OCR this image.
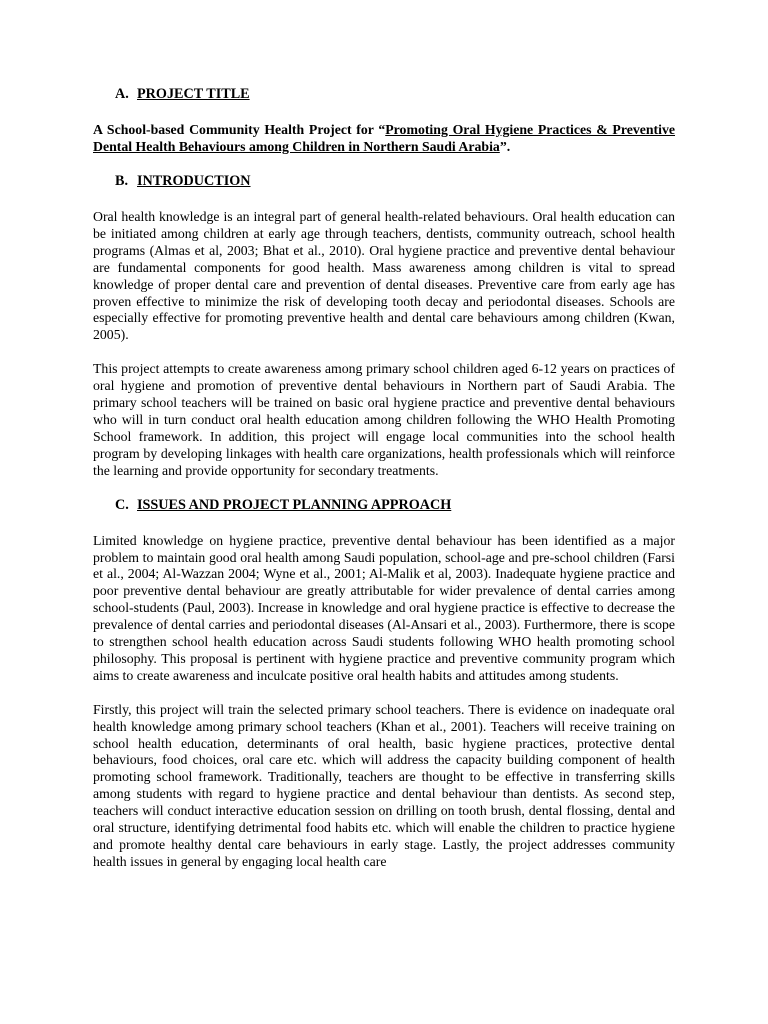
A. PROJECT TITLE
A School-based Community Health Project for “Promoting Oral Hygiene Practices & Preventive Dental Health Behaviours among Children in Northern Saudi Arabia”.
B. INTRODUCTION

Oral health knowledge is an integral part of general health-related behaviours. Oral health education can be initiated among children at early age through teachers, dentists, community outreach, school health programs (Almas et al, 2003; Bhat et al., 2010). Oral hygiene practice and preventive dental behaviour are fundamental components for good health. Mass awareness among children is vital to spread knowledge of proper dental care and prevention of dental diseases. Preventive care from early age has proven effective to minimize the risk of developing tooth decay and periodontal diseases. Schools are especially effective for promoting preventive health and dental care behaviours among children (Kwan, 2005).

This project attempts to create awareness among primary school children aged 6-12 years on practices of oral hygiene and promotion of preventive dental behaviours in Northern part of Saudi Arabia. The primary school teachers will be trained on basic oral hygiene practice and preventive dental behaviours who will in turn conduct oral health education among children following the WHO Health Promoting School framework. In addition, this project will engage local communities into the school health program by developing linkages with health care organizations, health professionals which will reinforce the learning and provide opportunity for secondary treatments.

C. ISSUES AND PROJECT PLANNING APPROACH

Limited knowledge on hygiene practice, preventive dental behaviour has been identified as a major problem to maintain good oral health among Saudi population, school-age and pre-school children (Farsi et al., 2004; Al-Wazzan 2004; Wyne et al., 2001; Al-Malik et al, 2003). Inadequate hygiene practice and poor preventive dental behaviour are greatly attributable for wider prevalence of dental carries among school-students (Paul, 2003). Increase in knowledge and oral hygiene practice is effective to decrease the prevalence of dental carries and periodontal diseases (Al-Ansari et al., 2003). Furthermore, there is scope to strengthen school health education across Saudi students following WHO health promoting school philosophy. This proposal is pertinent with hygiene practice and preventive community program which aims to create awareness and inculcate positive oral health habits and attitudes among students.

Firstly, this project will train the selected primary school teachers. There is evidence on inadequate oral health knowledge among primary school teachers (Khan et al., 2001). Teachers will receive training on school health education, determinants of oral health, basic hygiene practices, protective dental behaviours, food choices, oral care etc. which will address the capacity building component of health promoting school framework. Traditionally, teachers are thought to be effective in transferring skills among students with regard to hygiene practice and dental behaviour than dentists. As second step, teachers will conduct interactive education session on drilling on tooth brush, dental flossing, dental and oral structure, identifying detrimental food habits etc. which will enable the children to practice hygiene and promote healthy dental care behaviours in early stage. Lastly, the project addresses community health issues in general by engaging local health care
